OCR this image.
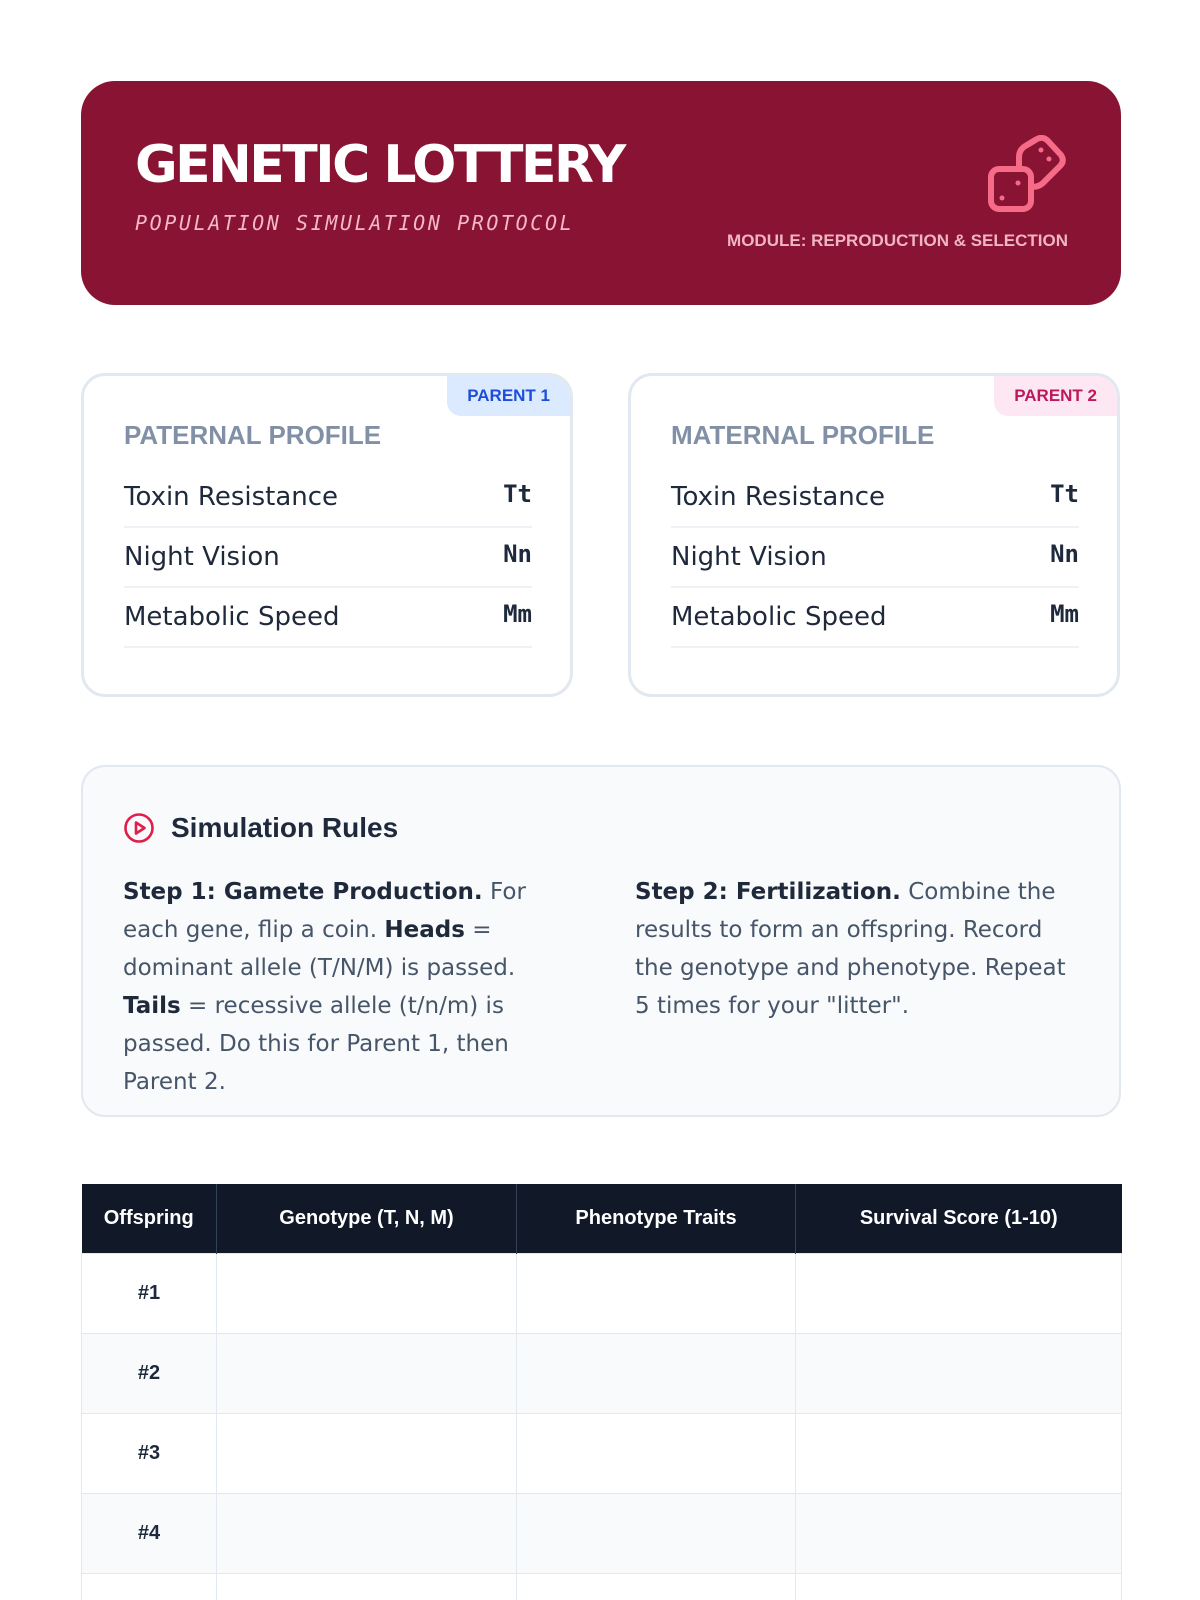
GENETIC LOTTERY
POPULATION SIMULATION PROTOCOL
MODULE: REPRODUCTION & SELECTION
PARENT 1
PATERNAL PROFILE
Toxin Resistance	Tt
Night Vision	Nn
Metabolic Speed	Mm
PARENT 2
MATERNAL PROFILE
Toxin Resistance	Tt
Night Vision	Nn
Metabolic Speed	Mm
Simulation Rules
Step 1: Gamete Production. For each gene, flip a coin. Heads = dominant allele (T/N/M) is passed. Tails = recessive allele (t/n/m) is passed. Do this for Parent 1, then Parent 2.
Step 2: Fertilization. Combine the results to form an offspring. Record the genotype and phenotype. Repeat 5 times for your "litter".
Offspring	Genotype (T, N, M)	Phenotype Traits	Survival Score (1-10)
#1			
#2			
#3			
#4			
